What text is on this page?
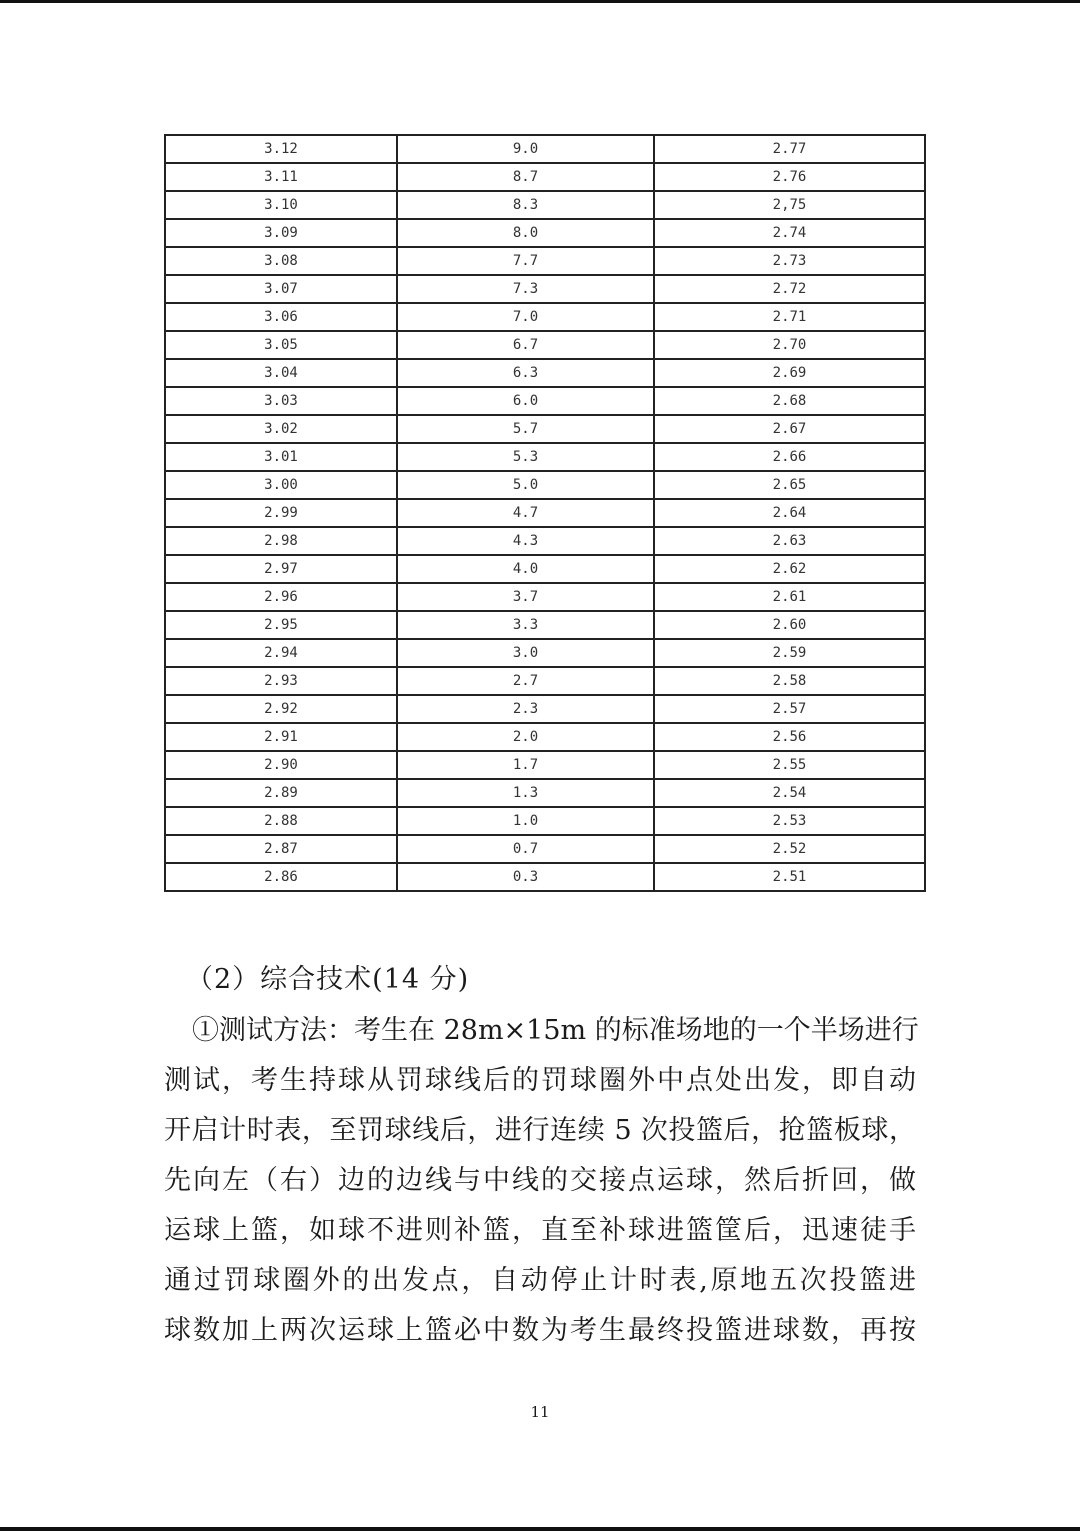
3.12	9.0	2.77
3.11	8.7	2.76
3.10	8.3	2,75
3.09	8.0	2.74
3.08	7.7	2.73
3.07	7.3	2.72
3.06	7.0	2.71
3.05	6.7	2.70
3.04	6.3	2.69
3.03	6.0	2.68
3.02	5.7	2.67
3.01	5.3	2.66
3.00	5.0	2.65
2.99	4.7	2.64
2.98	4.3	2.63
2.97	4.0	2.62
2.96	3.7	2.61
2.95	3.3	2.60
2.94	3.0	2.59
2.93	2.7	2.58
2.92	2.3	2.57
2.91	2.0	2.56
2.90	1.7	2.55
2.89	1.3	2.54
2.88	1.0	2.53
2.87	0.7	2.52
2.86	0.3	2.51
（2）综合技术(14 分)
①测试方法：考生在 28m×15m 的标准场地的一个半场进行
测试，考生持球从罚球线后的罚球圈外中点处出发，即自动
开启计时表，至罚球线后，进行连续 5 次投篮后，抢篮板球，
先向左（右）边的边线与中线的交接点运球，然后折回，做
运球上篮，如球不进则补篮，直至补球进篮筐后，迅速徒手
通过罚球圈外的出发点，自动停止计时表,原地五次投篮进
球数加上两次运球上篮必中数为考生最终投篮进球数，再按
11
